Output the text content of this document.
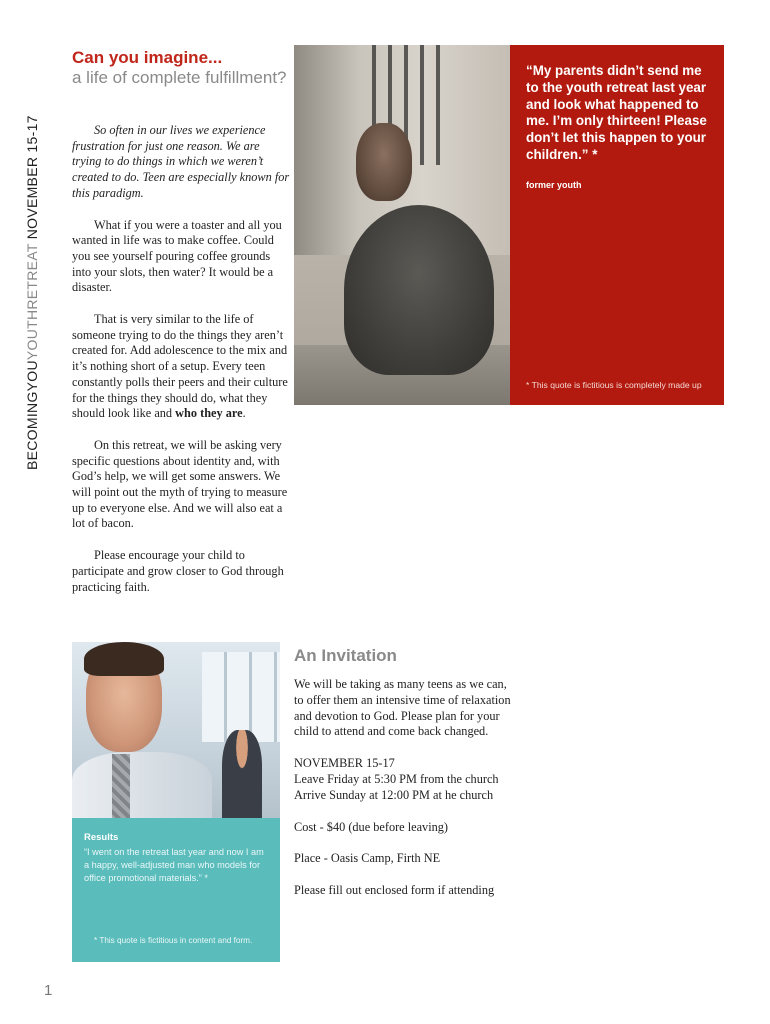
BECOMINGYOUYOUTHRETREAT NOVEMBER 15-17
Can you imagine...
a life of complete fulfillment?

So often in our lives we experience frustration for just one reason. We are trying to do things in which we weren’t created to do. Teen are especially known for this paradigm.

What if you were a toaster and all you wanted in life was to make coffee. Could you see yourself pouring coffee grounds into your slots, then water? It would be a disaster.

That is very similar to the life of someone trying to do the things they aren’t created for. Add adolescence to the mix and it’s nothing short of a setup. Every teen constantly polls their peers and their culture for the things they should do, what they should look like and who they are.

On this retreat, we will be asking very specific questions about identity and, with God’s help, we will get some answers. We will point out the myth of trying to measure up to everyone else. And we will also eat a lot of bacon.

Please encourage your child to participate and grow closer to God through practicing faith.

“My parents didn’t send me to the youth retreat last year and look what happened to me. I’m only thirteen! Please don’t let this happen to your children.” *
former youth
* This quote is fictitious is completely made up
Results
“I went on the retreat last year and now I am a happy, well-adjusted man who models for office promotional materials.” *
* This quote is fictitious in content and form.
An Invitation
We will be taking as many teens as we can, to offer them an intensive time of relaxation and devotion to God. Please plan for your child to attend and come back changed.
NOVEMBER 15-17
Leave Friday at 5:30 PM from the church
Arrive Sunday at 12:00 PM at he church
Cost - $40 (due before leaving)
Place - Oasis Camp, Firth NE
Please fill out enclosed form if attending
1
